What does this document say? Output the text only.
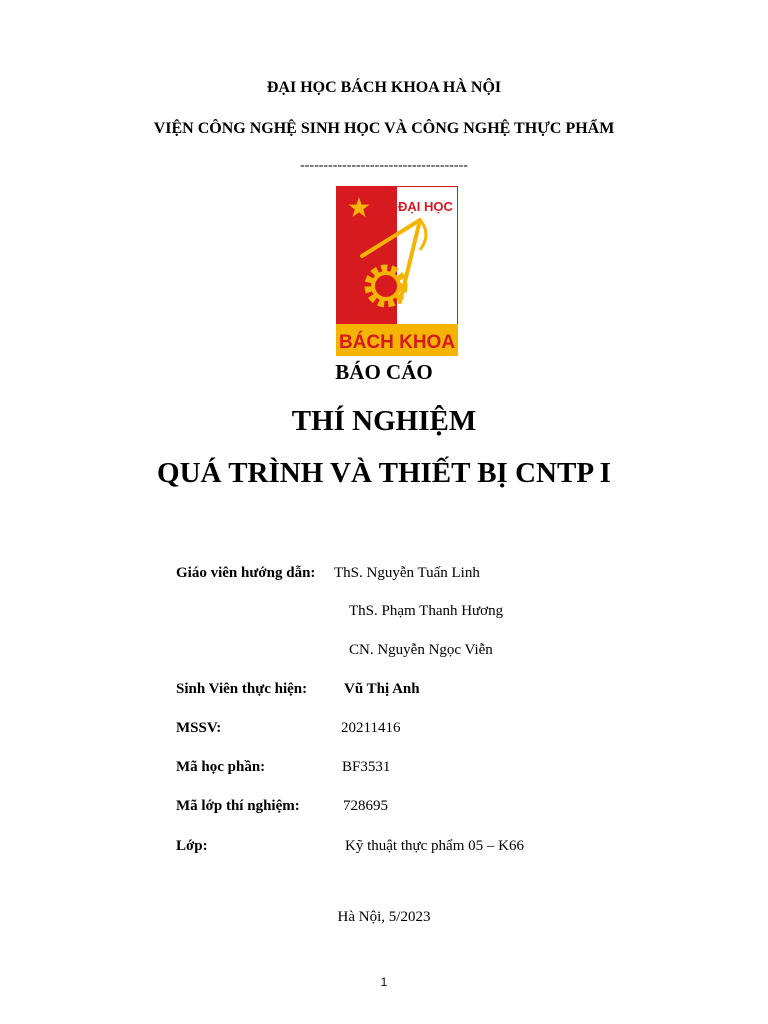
ĐẠI HỌC BÁCH KHOA HÀ NỘI
VIỆN CÔNG NGHỆ SINH HỌC VÀ CÔNG NGHỆ THỰC PHẨM
------------------------------------
ĐẠI HỌC
BÁCH KHOA
BÁO CÁO
THÍ NGHIỆM
QUÁ TRÌNH VÀ THIẾT BỊ CNTP I
Giáo viên hướng dẫn: ThS. Nguyễn Tuấn Linh
ThS. Phạm Thanh Hương
CN. Nguyễn Ngọc Viễn
Sinh Viên thực hiện: Vũ Thị Anh
MSSV:	20211416
Mã học phần:	BF3531
Mã lớp thí nghiệm:	728695
Lớp:	Kỹ thuật thực phẩm 05 – K66
Hà Nội, 5/2023
1
